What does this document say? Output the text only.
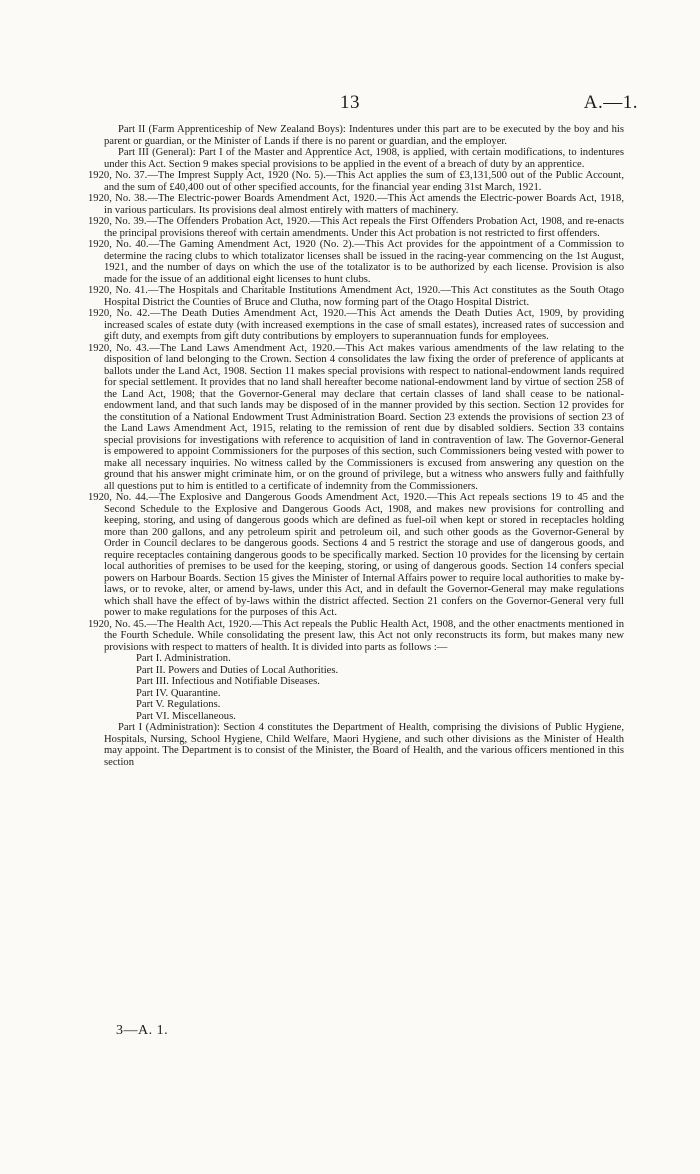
13	A.—1.

Part II (Farm Apprenticeship of New Zealand Boys): Indentures under this part are to be executed by the boy and his parent or guardian, or the Minister of Lands if there is no parent or guardian, and the employer.

Part III (General): Part I of the Master and Apprentice Act, 1908, is applied, with certain modifications, to indentures under this Act. Section 9 makes special provisions to be applied in the event of a breach of duty by an apprentice.

1920, No. 37.—The Imprest Supply Act, 1920 (No. 5).—This Act applies the sum of £3,131,500 out of the Public Account, and the sum of £40,400 out of other specified accounts, for the financial year ending 31st March, 1921.

1920, No. 38.—The Electric-power Boards Amendment Act, 1920.—This Act amends the Electric-power Boards Act, 1918, in various particulars. Its provisions deal almost entirely with matters of machinery.

1920, No. 39.—The Offenders Probation Act, 1920.—This Act repeals the First Offenders Probation Act, 1908, and re-enacts the principal provisions thereof with certain amendments. Under this Act probation is not restricted to first offenders.

1920, No. 40.—The Gaming Amendment Act, 1920 (No. 2).—This Act provides for the appointment of a Commission to determine the racing clubs to which totalizator licenses shall be issued in the racing-year commencing on the 1st August, 1921, and the number of days on which the use of the totalizator is to be authorized by each license. Provision is also made for the issue of an additional eight licenses to hunt clubs.

1920, No. 41.—The Hospitals and Charitable Institutions Amendment Act, 1920.—This Act constitutes as the South Otago Hospital District the Counties of Bruce and Clutha, now forming part of the Otago Hospital District.

1920, No. 42.—The Death Duties Amendment Act, 1920.—This Act amends the Death Duties Act, 1909, by providing increased scales of estate duty (with increased exemptions in the case of small estates), increased rates of succession and gift duty, and exempts from gift duty contributions by employers to superannuation funds for employees.

1920, No. 43.—The Land Laws Amendment Act, 1920.—This Act makes various amendments of the law relating to the disposition of land belonging to the Crown. Section 4 consolidates the law fixing the order of preference of applicants at ballots under the Land Act, 1908. Section 11 makes special provisions with respect to national-endowment lands required for special settlement. It provides that no land shall hereafter become national-endowment land by virtue of section 258 of the Land Act, 1908; that the Governor-General may declare that certain classes of land shall cease to be national-endowment land, and that such lands may be disposed of in the manner provided by this section. Section 12 provides for the constitution of a National Endowment Trust Administration Board. Section 23 extends the provisions of section 23 of the Land Laws Amendment Act, 1915, relating to the remission of rent due by disabled soldiers. Section 33 contains special provisions for investigations with reference to acquisition of land in contravention of law. The Governor-General is empowered to appoint Commissioners for the purposes of this section, such Commissioners being vested with power to make all necessary inquiries. No witness called by the Commissioners is excused from answering any question on the ground that his answer might criminate him, or on the ground of privilege, but a witness who answers fully and faithfully all questions put to him is entitled to a certificate of indemnity from the Commissioners.

1920, No. 44.—The Explosive and Dangerous Goods Amendment Act, 1920.—This Act repeals sections 19 to 45 and the Second Schedule to the Explosive and Dangerous Goods Act, 1908, and makes new provisions for controlling and keeping, storing, and using of dangerous goods which are defined as fuel-oil when kept or stored in receptacles holding more than 200 gallons, and any petroleum spirit and petroleum oil, and such other goods as the Governor-General by Order in Council declares to be dangerous goods. Sections 4 and 5 restrict the storage and use of dangerous goods, and require receptacles containing dangerous goods to be specifically marked. Section 10 provides for the licensing by certain local authorities of premises to be used for the keeping, storing, or using of dangerous goods. Section 14 confers special powers on Harbour Boards. Section 15 gives the Minister of Internal Affairs power to require local authorities to make by-laws, or to revoke, alter, or amend by-laws, under this Act, and in default the Governor-General may make regulations which shall have the effect of by-laws within the district affected. Section 21 confers on the Governor-General very full power to make regulations for the purposes of this Act.

1920, No. 45.—The Health Act, 1920.—This Act repeals the Public Health Act, 1908, and the other enactments mentioned in the Fourth Schedule. While consolidating the present law, this Act not only reconstructs its form, but makes many new provisions with respect to matters of health. It is divided into parts as follows :—

Part I. Administration.
Part II. Powers and Duties of Local Authorities.
Part III. Infectious and Notifiable Diseases.
Part IV. Quarantine.
Part V. Regulations.
Part VI. Miscellaneous.

Part I (Administration): Section 4 constitutes the Department of Health, comprising the divisions of Public Hygiene, Hospitals, Nursing, School Hygiene, Child Welfare, Maori Hygiene, and such other divisions as the Minister of Health may appoint. The Department is to consist of the Minister, the Board of Health, and the various officers mentioned in this section

3—A. 1.
